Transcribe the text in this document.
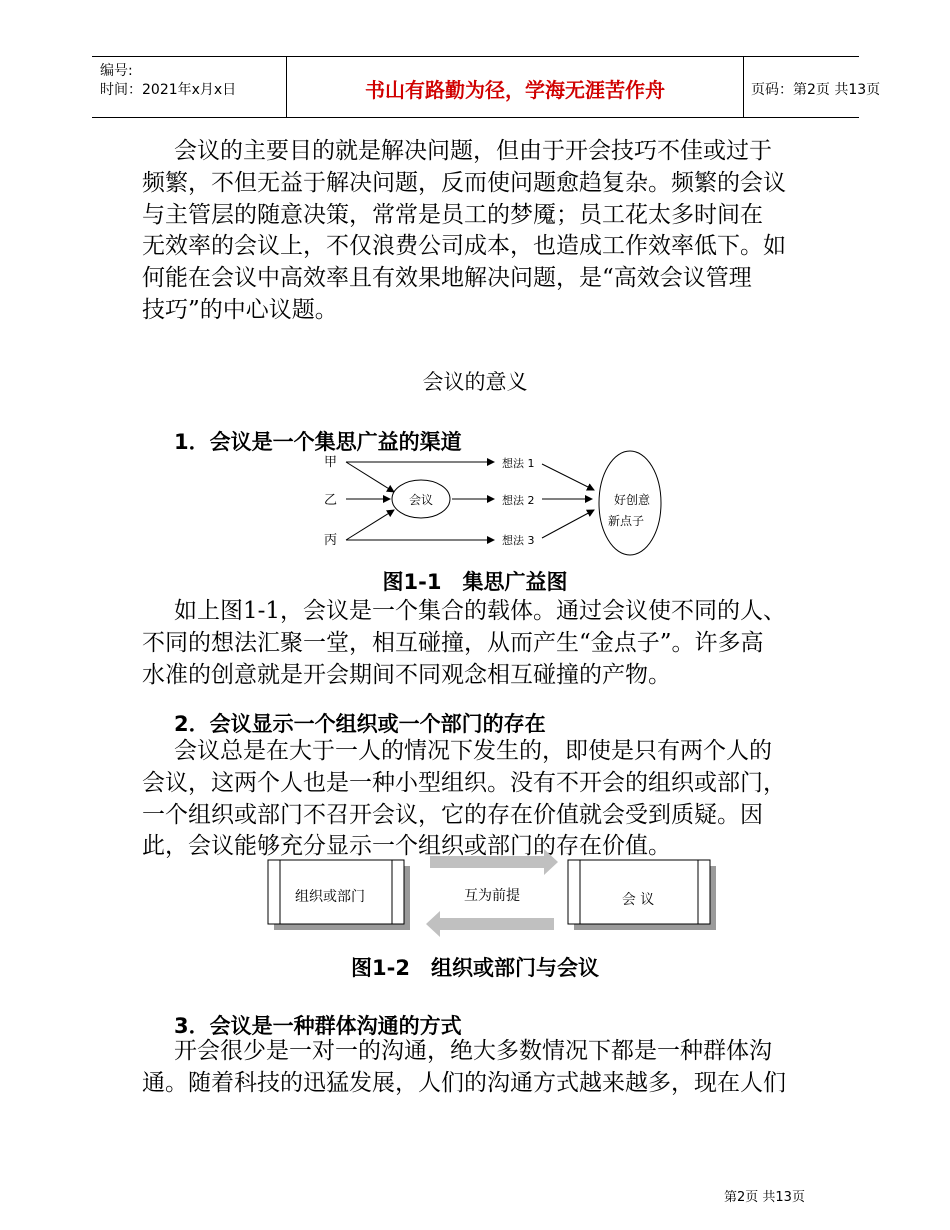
编号:
时间：2021年x月x日	书山有路勤为径，学海无涯苦作舟	页码：第2页 共13页
会议的主要目的就是解决问题，但由于开会技巧不佳或过于
频繁，不但无益于解决问题，反而使问题愈趋复杂。频繁的会议
与主管层的随意决策，常常是员工的梦魇；员工花太多时间在
无效率的会议上，不仅浪费公司成本，也造成工作效率低下。如
何能在会议中高效率且有效果地解决问题，是“高效会议管理
技巧”的中心议题。
会议的意义
1．会议是一个集思广益的渠道
甲
乙
丙
会议
想法 1
想法 2
想法 3
好创意
新点子
图1-1　集思广益图
如上图1-1，会议是一个集合的载体。通过会议使不同的人、
不同的想法汇聚一堂，相互碰撞，从而产生“金点子”。许多高
水准的创意就是开会期间不同观念相互碰撞的产物。
2．会议显示一个组织或一个部门的存在
会议总是在大于一人的情况下发生的，即使是只有两个人的
会议，这两个人也是一种小型组织。没有不开会的组织或部门，
一个组织或部门不召开会议，它的存在价值就会受到质疑。因
此，会议能够充分显示一个组织或部门的存在价值。
组织或部门	互为前提	会 议
图1-2　组织或部门与会议
3．会议是一种群体沟通的方式
开会很少是一对一的沟通，绝大多数情况下都是一种群体沟
通。随着科技的迅猛发展，人们的沟通方式越来越多，现在人们
第2页 共13页
